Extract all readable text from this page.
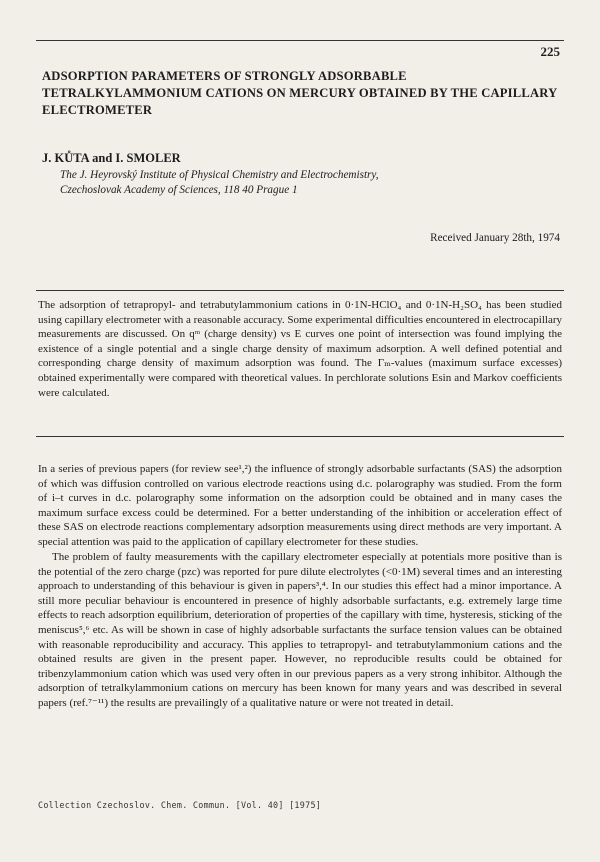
225
ADSORPTION PARAMETERS OF STRONGLY ADSORBABLE TETRALKYLAMMONIUM CATIONS ON MERCURY OBTAINED BY THE CAPILLARY ELECTROMETER

J. KŮTA and I. SMOLER

The J. Heyrovský Institute of Physical Chemistry and Electrochemistry,
Czechoslovak Academy of Sciences, 118 40 Prague 1

Received January 28th, 1974

The adsorption of tetrapropyl- and tetrabutylammonium cations in 0·1N-HClO₄ and 0·1N-H₂SO₄ has been studied using capillary electrometer with a reasonable accuracy. Some experimental difficulties encountered in electrocapillary measurements are discussed. On qᵐ (charge density) vs E curves one point of intersection was found implying the existence of a single potential and a single charge density of maximum adsorption. A well defined potential and corresponding charge density of maximum adsorption was found. The Γₘ-values (maximum surface excesses) obtained experimentally were compared with theoretical values. In perchlorate solutions Esin and Markov coefficients were calculated.

In a series of previous papers (for review see¹,²) the influence of strongly adsorbable surfactants (SAS) the adsorption of which was diffusion controlled on various electrode reactions using d.c. polarography was studied. From the form of i–t curves in d.c. polarography some information on the adsorption could be obtained and in many cases the maximum surface excess could be determined. For a better understanding of the inhibition or acceleration effect of these SAS on electrode reactions complementary adsorption measurements using direct methods are very important. A special attention was paid to the application of capillary electrometer for these studies.

The problem of faulty measurements with the capillary electrometer especially at potentials more positive than is the potential of the zero charge (pzc) was reported for pure dilute electrolytes (<0·1M) several times and an interesting approach to understanding of this behaviour is given in papers³,⁴. In our studies this effect had a minor importance. A still more peculiar behaviour is encountered in presence of highly adsorbable surfactants, e.g. extremely large time effects to reach adsorption equilibrium, deterioration of properties of the capillary with time, hysteresis, sticking of the meniscus⁵,⁶ etc. As will be shown in case of highly adsorbable surfactants the surface tension values can be obtained with reasonable reproducibility and accuracy. This applies to tetrapropyl- and tetrabutylammonium cations and the obtained results are given in the present paper. However, no reproducible results could be obtained for tribenzylammonium cation which was used very often in our previous papers as a very strong inhibitor. Although the adsorption of tetralkylammonium cations on mercury has been known for many years and was described in several papers (ref.⁷⁻¹¹) the results are prevailingly of a qualitative nature or were not treated in detail.

Collection Czechoslov. Chem. Commun. [Vol. 40] [1975]
